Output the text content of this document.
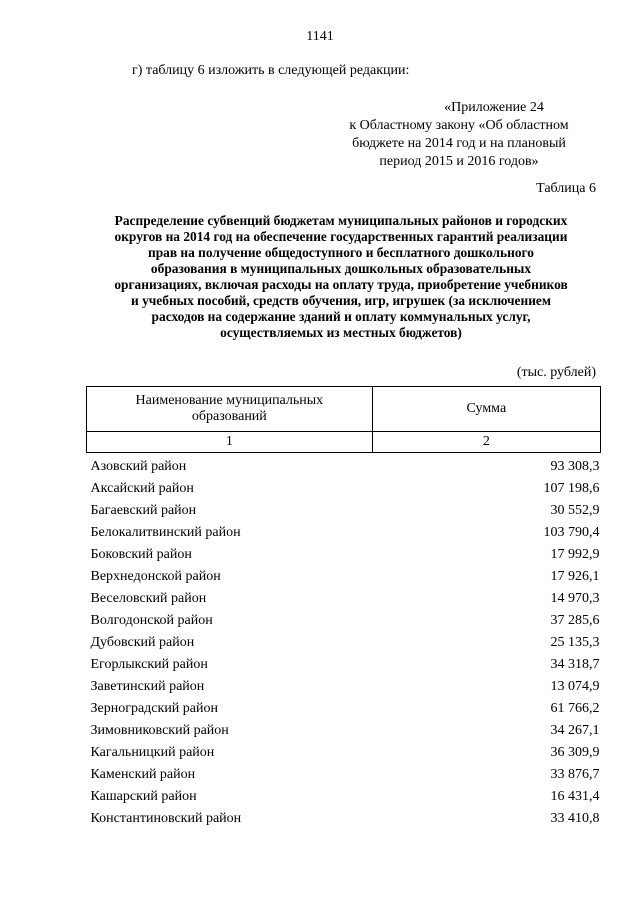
1141
г) таблицу 6 изложить в следующей редакции:
«Приложение 24
к Областному закону «Об областном
бюджете на 2014 год и на плановый
период 2015 и 2016 годов»
Таблица 6
Распределение субвенций бюджетам муниципальных районов и городских
округов на 2014 год на обеспечение государственных гарантий реализации
прав на получение общедоступного и бесплатного дошкольного
образования в муниципальных дошкольных образовательных
организациях, включая расходы на оплату труда, приобретение учебников
и учебных пособий, средств обучения, игр, игрушек (за исключением
расходов на содержание зданий и оплату коммунальных услуг,
осуществляемых из местных бюджетов)
(тыс. рублей)
Наименование муниципальных
образований	Сумма
1	2
Азовский район	93 308,3
Аксайский район	107 198,6
Багаевский район	30 552,9
Белокалитвинский район	103 790,4
Боковский район	17 992,9
Верхнедонской район	17 926,1
Веселовский район	14 970,3
Волгодонской район	37 285,6
Дубовский район	25 135,3
Егорлыкский район	34 318,7
Заветинский район	13 074,9
Зерноградский район	61 766,2
Зимовниковский район	34 267,1
Кагальницкий район	36 309,9
Каменский район	33 876,7
Кашарский район	16 431,4
Константиновский район	33 410,8
